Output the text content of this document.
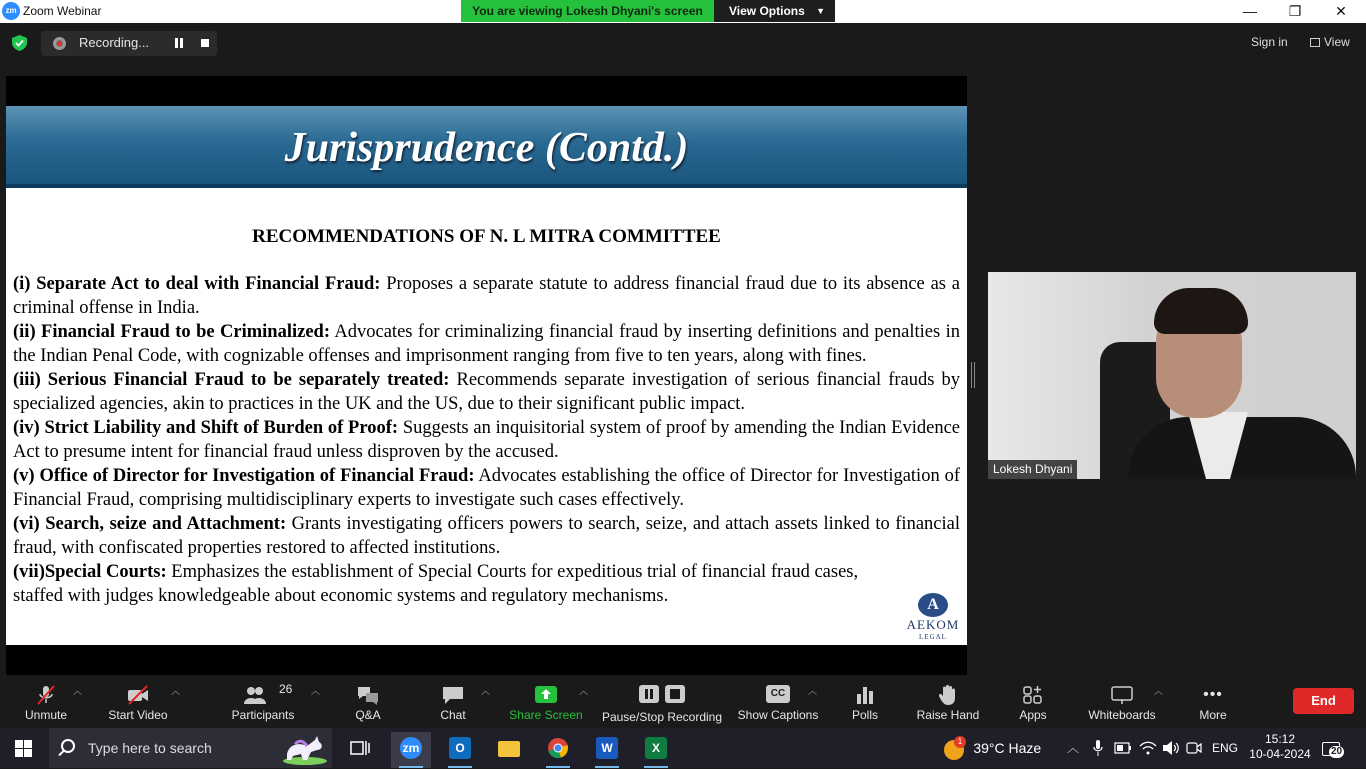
zm Zoom Webinar	You are viewing Lokesh Dhyani's screen	View Options ▼	—	❐	✕
Recording...	Sign in	View
Jurisprudence (Contd.)
RECOMMENDATIONS OF N. L MITRA COMMITTEE

(i) Separate Act to deal with Financial Fraud: Proposes a separate statute to address financial fraud due to its absence as a criminal offense in India.

(ii) Financial Fraud to be Criminalized: Advocates for criminalizing financial fraud by inserting definitions and penalties in the Indian Penal Code, with cognizable offenses and imprisonment ranging from five to ten years, along with fines.

(iii) Serious Financial Fraud to be separately treated: Recommends separate investigation of serious financial frauds by specialized agencies, akin to practices in the UK and the US, due to their significant public impact.

(iv) Strict Liability and Shift of Burden of Proof: Suggests an inquisitorial system of proof by amending the Indian Evidence Act to presume intent for financial fraud unless disproven by the accused.

(v) Office of Director for Investigation of Financial Fraud: Advocates establishing the office of Director for Investigation of Financial Fraud, comprising multidisciplinary experts to investigate such cases effectively.

(vi) Search, seize and Attachment: Grants investigating officers powers to search, seize, and attach assets linked to financial fraud, with confiscated properties restored to affected institutions.

(vii)Special Courts: Emphasizes the establishment of Special Courts for expeditious trial of financial fraud cases, staffed with judges knowledgeable about economic systems and regulatory mechanisms.	A
AEKOM
LEGAL
Lokesh Dhyani
Unmute
︿
Start Video
︿	26
Participants
︿
Q&A	Chat
︿
Share Screen
︿
Pause/Stop Recording
CC
Show Captions
︿
Polls	Raise Hand	Apps	Whiteboards
︿	•••
More
End
Type here to search	zm	O	W	X	1 39°C Haze	︿	ENG
15:12
10-04-2024 20
